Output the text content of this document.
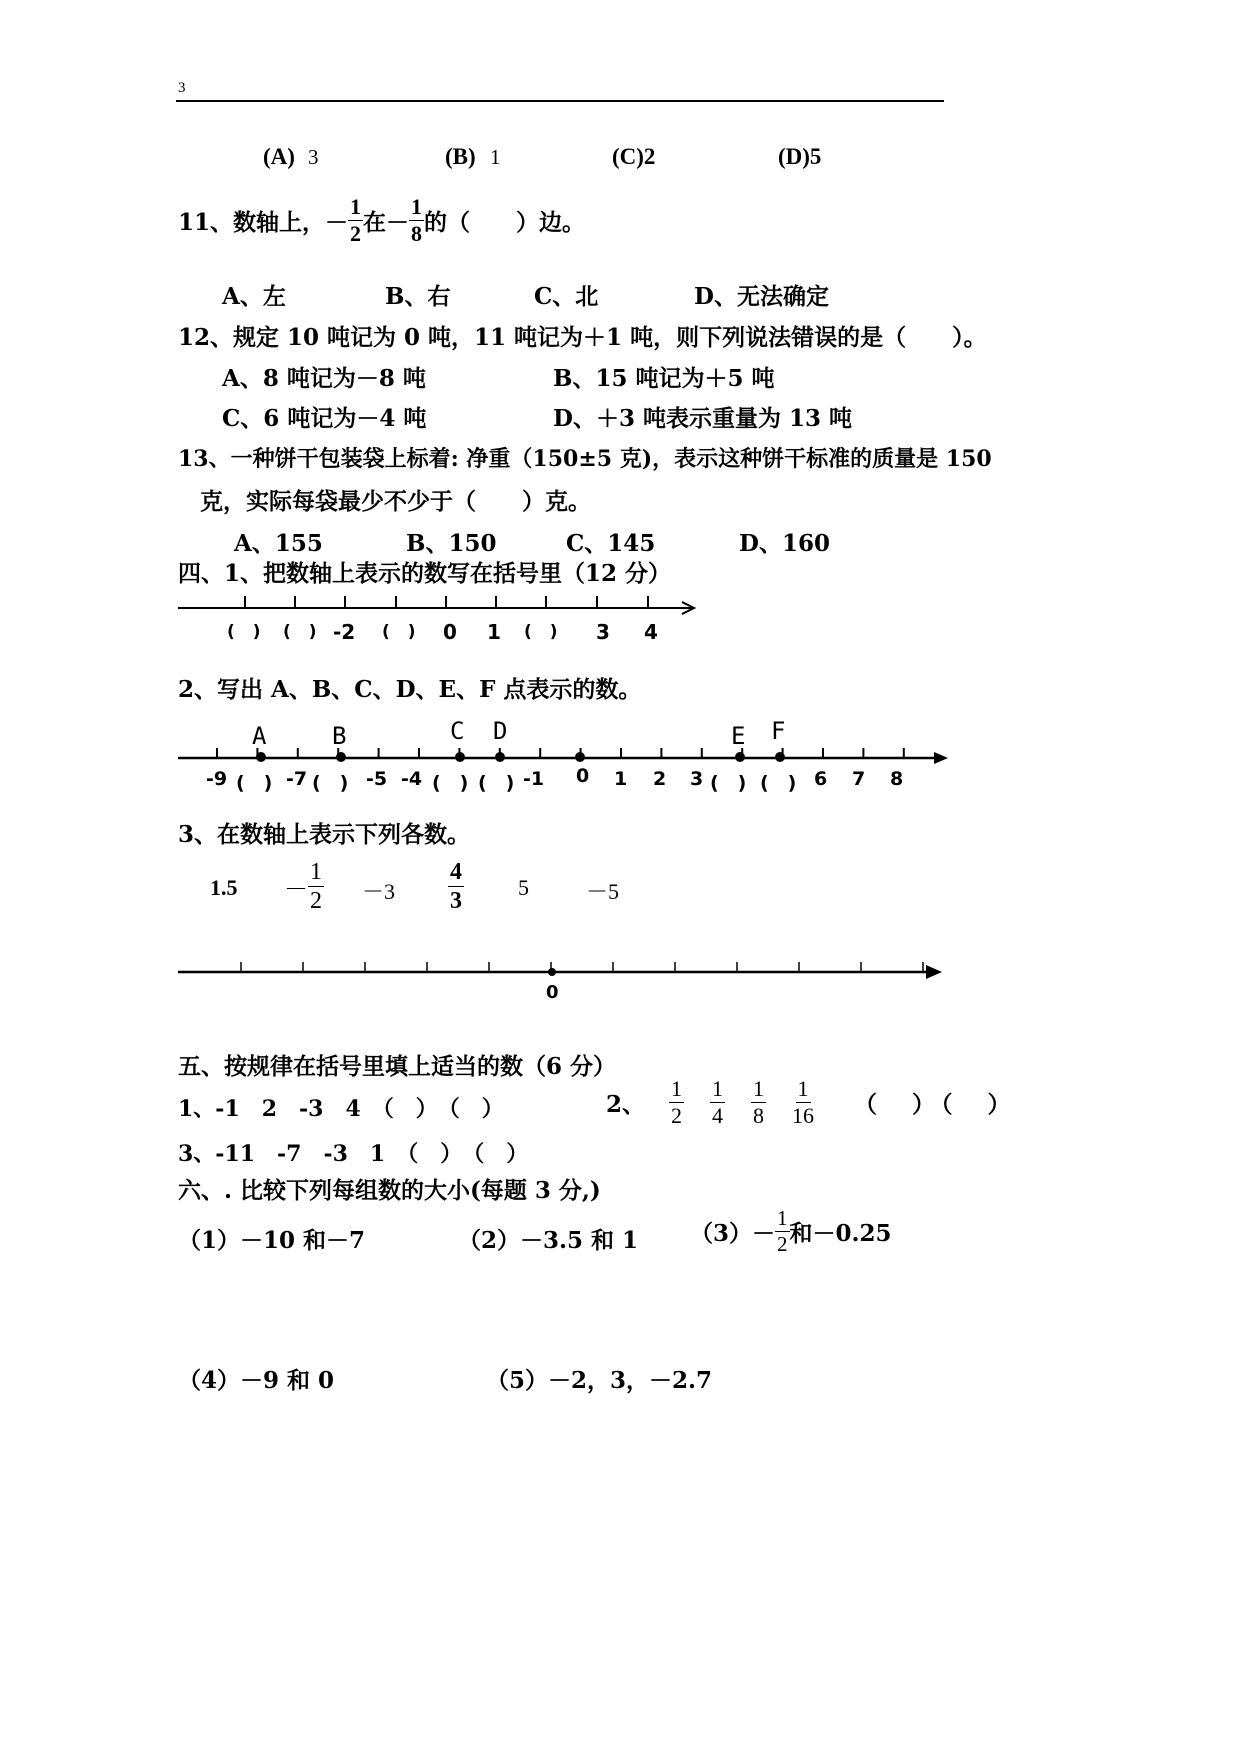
3
(A) 3	(B) 1	(C)2	(D)5
11、数轴上，－ $\frac{1}{2}$ 在－ $\frac{1}{8}$ 的（　　）边。
A、左	B、右	C、北	D、无法确定
12、规定 10 吨记为 0 吨，11 吨记为＋1 吨，则下列说法错误的是（　　）。
A、8 吨记为－8 吨	B、15 吨记为＋5 吨
C、6 吨记为－4 吨	D、＋3 吨表示重量为 13 吨
13、一种饼干包装袋上标着: 净重（150±5 克)，表示这种饼干标准的质量是 150
克，实际每袋最少不少于（　　）克。
A、155	B、150	C、145	D、160
四、1、把数轴上表示的数写在括号里（12 分）
( ) ( ) -2 ( ) 0 1 ( ) 3 4
2、写出 A、B、C、D、E、F 点表示的数。
A	B	C D	E F
-9 (　) -7 (　) -5 -4 (　) (　) -1 0 1 2 3 (　) (　) 6 7 8
3、在数轴上表示下列各数。
$1.5 - \frac{1}{2} -3 \frac{4}{3} 5$	－5
0
五、按规律在括号里填上适当的数（6 分）
1、-1　2　-3　4　（　）　（　）	2、 $\frac{1}{2} \frac{1}{4} \frac{1}{8} \frac{1}{16}$ （　）（　）
3、-11　-7　-3　1　（　）　（　）
六、. 比较下列每组数的大小(每题 3 分,)
（1）－10 和－7	（2）－3.5 和 1 $(3)- \frac{1}{2}$ 和－0.25
（4）－9 和 0	（5）－2，3，－2.7
